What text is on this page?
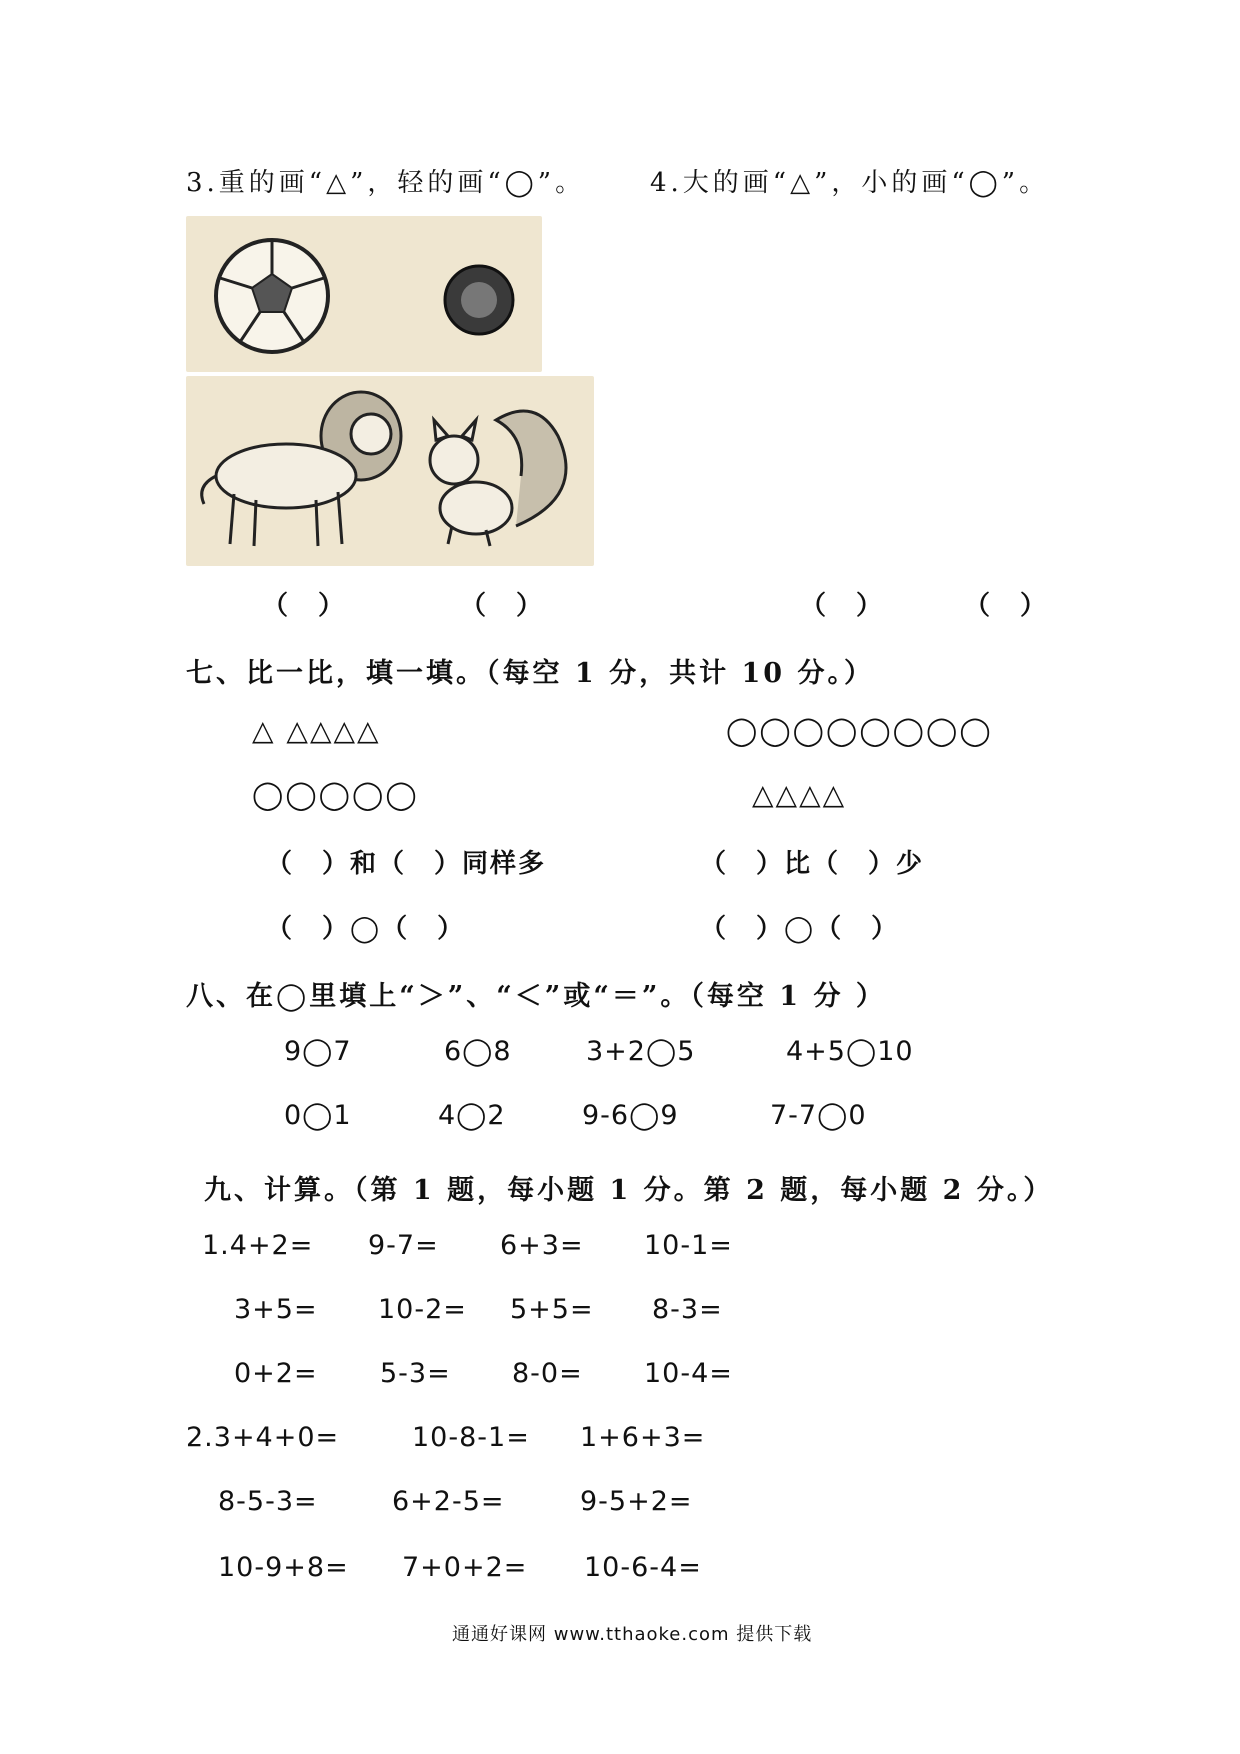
3.重的画“△”，轻的画“◯”。 4.大的画“△”，小的画“◯”。
（　）	（　）	（　）	（　）
七、比一比，填一填。（每空 1 分，共计 10 分。）
△ △△△△	◯◯◯◯◯◯◯◯
◯◯◯◯◯	△△△△
（　）和（　）同样多	（　）比（　）少
（　）◯（　）	（　）◯（　）
八、在◯里填上“＞”、“＜”或“＝”。（每空 1 分 ）
9◯7	6◯8	3+2◯5	4+5◯10
0◯1	4◯2	9-6◯9	7-7◯0
九、计算。（第 1 题，每小题 1 分。第 2 题，每小题 2 分。）
1.4+2= 9-7= 6+3= 10-1=
3+5= 10-2= 5+5= 8-3=
0+2= 5-3= 8-0= 10-4=
2.3+4+0=	10-8-1= 1+6+3=
8-5-3=	6+2-5=	9-5+2=
10-9+8= 7+0+2= 10-6-4=
通通好课网 www.tthaoke.com 提供下载
